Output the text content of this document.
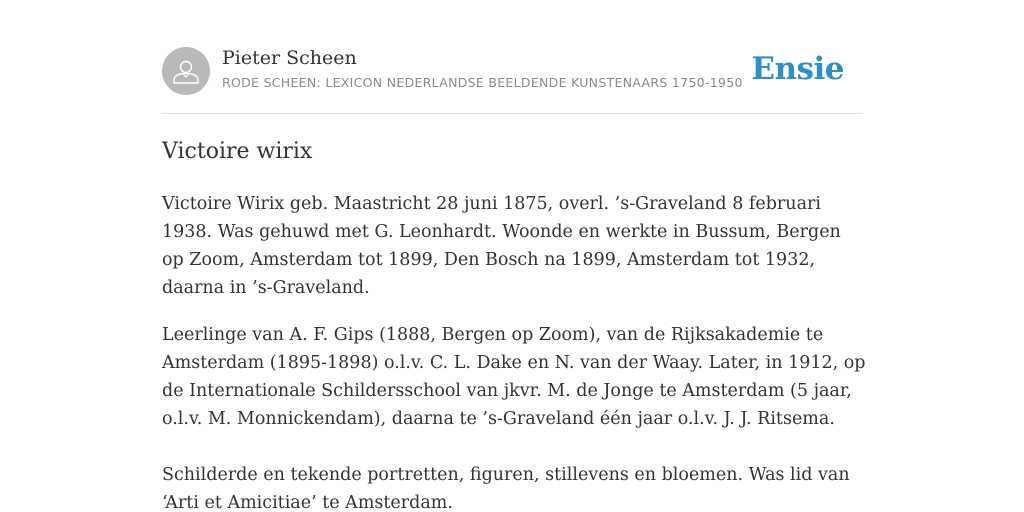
Pieter Scheen
RODE SCHEEN: LEXICON NEDERLANDSE BEELDENDE KUNSTENAARS 1750-1950 Ensie
Victoire wirix

Victoire Wirix geb. Maastricht 28 juni 1875, overl. ’s-Graveland 8 februari 1938. Was gehuwd met G. Leonhardt. Woonde en werkte in Bussum, Bergen op Zoom, Amsterdam tot 1899, Den Bosch na 1899, Amsterdam tot 1932, daarna in ’s-Graveland.

Leerlinge van A. F. Gips (1888, Bergen op Zoom), van de Rijksakademie te Amsterdam (1895-1898) o.l.v. C. L. Dake en N. van der Waay. Later, in 1912, op de Internationale Schildersschool van jkvr. M. de Jonge te Amsterdam (5 jaar, o.l.v. M. Monnickendam), daarna te ’s-Graveland één jaar o.l.v. J. J. Ritsema.

Schilderde en tekende portretten, figuren, stillevens en bloemen. Was lid van ‘Arti et Amicitiae’ te Amsterdam.
